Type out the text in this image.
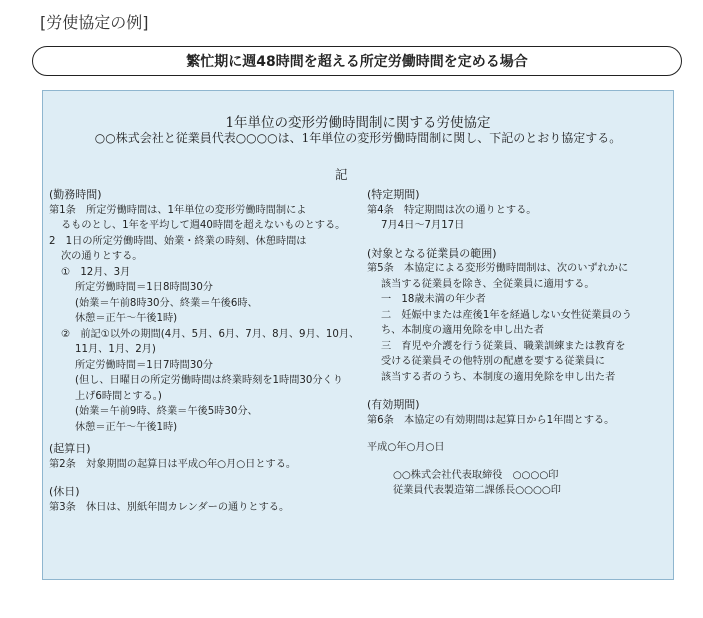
[労使協定の例]
繁忙期に週48時間を超える所定労働時間を定める場合
1年単位の変形労働時間制に関する労使協定
○○株式会社と従業員代表○○○○は、1年単位の変形労働時間制に関し、下記のとおり協定する。
記
(勤務時間)
第1条　所定労働時間は、1年単位の変形労働時間制によ
るものとし、1年を平均して週40時間を超えないものとする。
2　1日の所定労働時間、始業・終業の時刻、休憩時間は
次の通りとする。
①　12月、3月
所定労働時間＝1日8時間30分
(始業＝午前8時30分、終業＝午後6時、
休憩＝正午〜午後1時)
②　前記①以外の期間(4月、5月、6月、7月、8月、9月、10月、
11月、1月、2月)
所定労働時間＝1日7時間30分
(但し、日曜日の所定労働時間は終業時刻を1時間30分くり
上げ6時間とする。)
(始業＝午前9時、終業＝午後5時30分、
休憩＝正午〜午後1時)
(起算日)
第2条　対象期間の起算日は平成○年○月○日とする。
(休日)
第3条　休日は、別紙年間カレンダーの通りとする。
(特定期間)
第4条　特定期間は次の通りとする。
7月4日〜7月17日
(対象となる従業員の範囲)
第5条　本協定による変形労働時間制は、次のいずれかに
該当する従業員を除き、全従業員に適用する。
一　18歳未満の年少者
二　妊娠中または産後1年を経過しない女性従業員のう
ち、本制度の適用免除を申し出た者
三　育児や介護を行う従業員、職業訓練または教育を
受ける従業員その他特別の配慮を要する従業員に
該当する者のうち、本制度の適用免除を申し出た者
(有効期間)
第6条　本協定の有効期間は起算日から1年間とする。
平成○年○月○日
○○株式会社代表取締役　○○○○印
従業員代表製造第二課係長○○○○印
